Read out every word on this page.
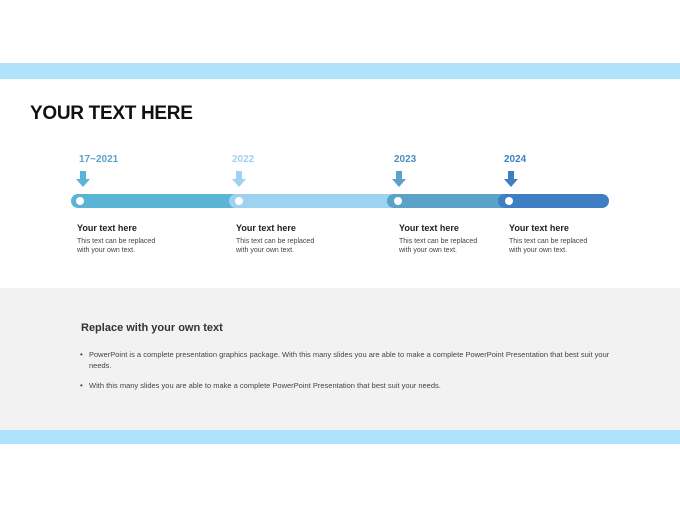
YOUR TEXT HERE
17~2021	2022	2023	2024
Your text here
This text can be replaced
with your own text.
Your text here
This text can be replaced
with your own text.
Your text here
This text can be replaced
with your own text.
Your text here
This text can be replaced
with your own text.
Replace with your own text
• PowerPoint is a complete presentation graphics package. With this many slides you are able to make a complete PowerPoint Presentation that best suit your needs.
• With this many slides you are able to make a complete PowerPoint Presentation that best suit your needs.
